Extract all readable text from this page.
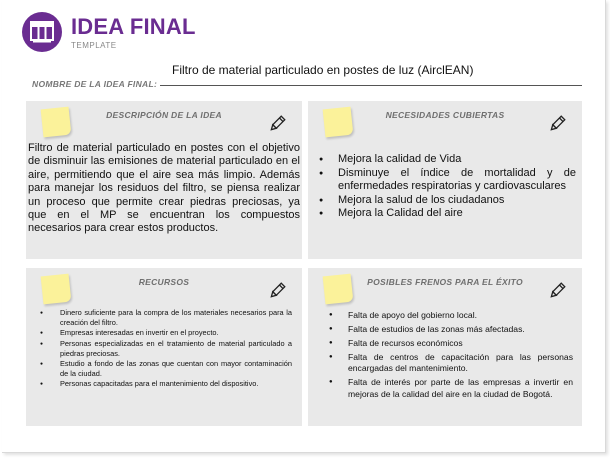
IDEA FINAL
TEMPLATE
NOMBRE DE LA IDEA FINAL:
Filtro de material particulado en postes de luz (AirclEAN)
DESCRIPCIÓN DE LA IDEA
Filtro de material particulado en postes con el objetivo de disminuir las emisiones de material particulado en el aire, permitiendo que el aire sea más limpio. Además para manejar los residuos del filtro, se piensa realizar un proceso que permite crear piedras preciosas, ya que en el MP se encuentran los compuestos necesarios para crear estos productos.
NECESIDADES CUBIERTAS
● Mejora la calidad de Vida
● Disminuye el índice de mortalidad y de enfermedades respiratorias y cardiovasculares
● Mejora la salud de los ciudadanos
● Mejora la Calidad del aire
RECURSOS
● Dinero suficiente para la compra de los materiales necesarios para la creación del filtro.
● Empresas interesadas en invertir en el proyecto.
● Personas especializadas en el tratamiento de material particulado a piedras preciosas.
● Estudio a fondo de las zonas que cuentan con mayor contaminación de la ciudad.
● Personas capacitadas para el mantenimiento del dispositivo.
POSIBLES FRENOS PARA EL ÉXITO
● Falta de apoyo del gobierno local.
● Falta de estudios de las zonas más afectadas.
● Falta de recursos económicos
● Falta de centros de capacitación para las personas encargadas del mantenimiento.
● Falta de interés por parte de las empresas a invertir en mejoras de la calidad del aire en la ciudad de Bogotá.
